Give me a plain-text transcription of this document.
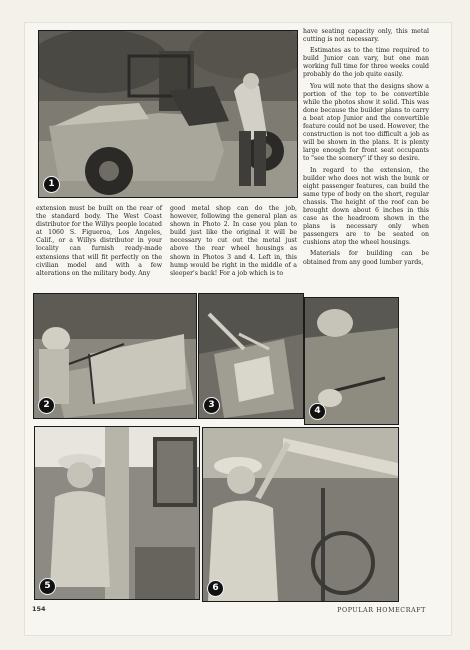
1

have seating capacity only, this metal cutting is not necessary.

Estimates as to the time required to build Junior can vary, but one man working full time for three weeks could probably do the job quite easily.

You will note that the designs show a portion of the top to be convertible while the photos show it solid. This was done because the builder plans to carry a boat atop Junior and the convertible feature could not be used. However, the construction is not too difficult a job as will be shown in the plans. It is plenty large enough for front seat occupants to "see the scenery" if they so desire.

In regard to the extension, the builder who does not wish the bunk or eight passenger features, can build the same type of body on the short, regular chassis. The height of the roof can be brought down about 6 inches in this case as the headroom shown in the plans is necessary only when passengers are to be seated on cushions atop the wheel housings.

Materials for building can be obtained from any good lumber yards,

extension must be built on the rear of the standard body. The West Coast distributor for the Willys people located at 1060 S. Figueroa, Los Angeles, Calif., or a Willys distributor in your locality can furnish ready-made extensions that will fit perfectly on the civilian model and with a few alterations on the military body. Any

good metal shop can do the job, however, following the general plan as shown in Photo 2. In case you plan to build just like the original it will be necessary to cut out the metal just above the rear wheel housings as shown in Photos 3 and 4. Left in, this hump would be right in the middle of a sleeper's back! For a job which is to

2	3
4
5	6
154	POPULAR HOMECRAFT
